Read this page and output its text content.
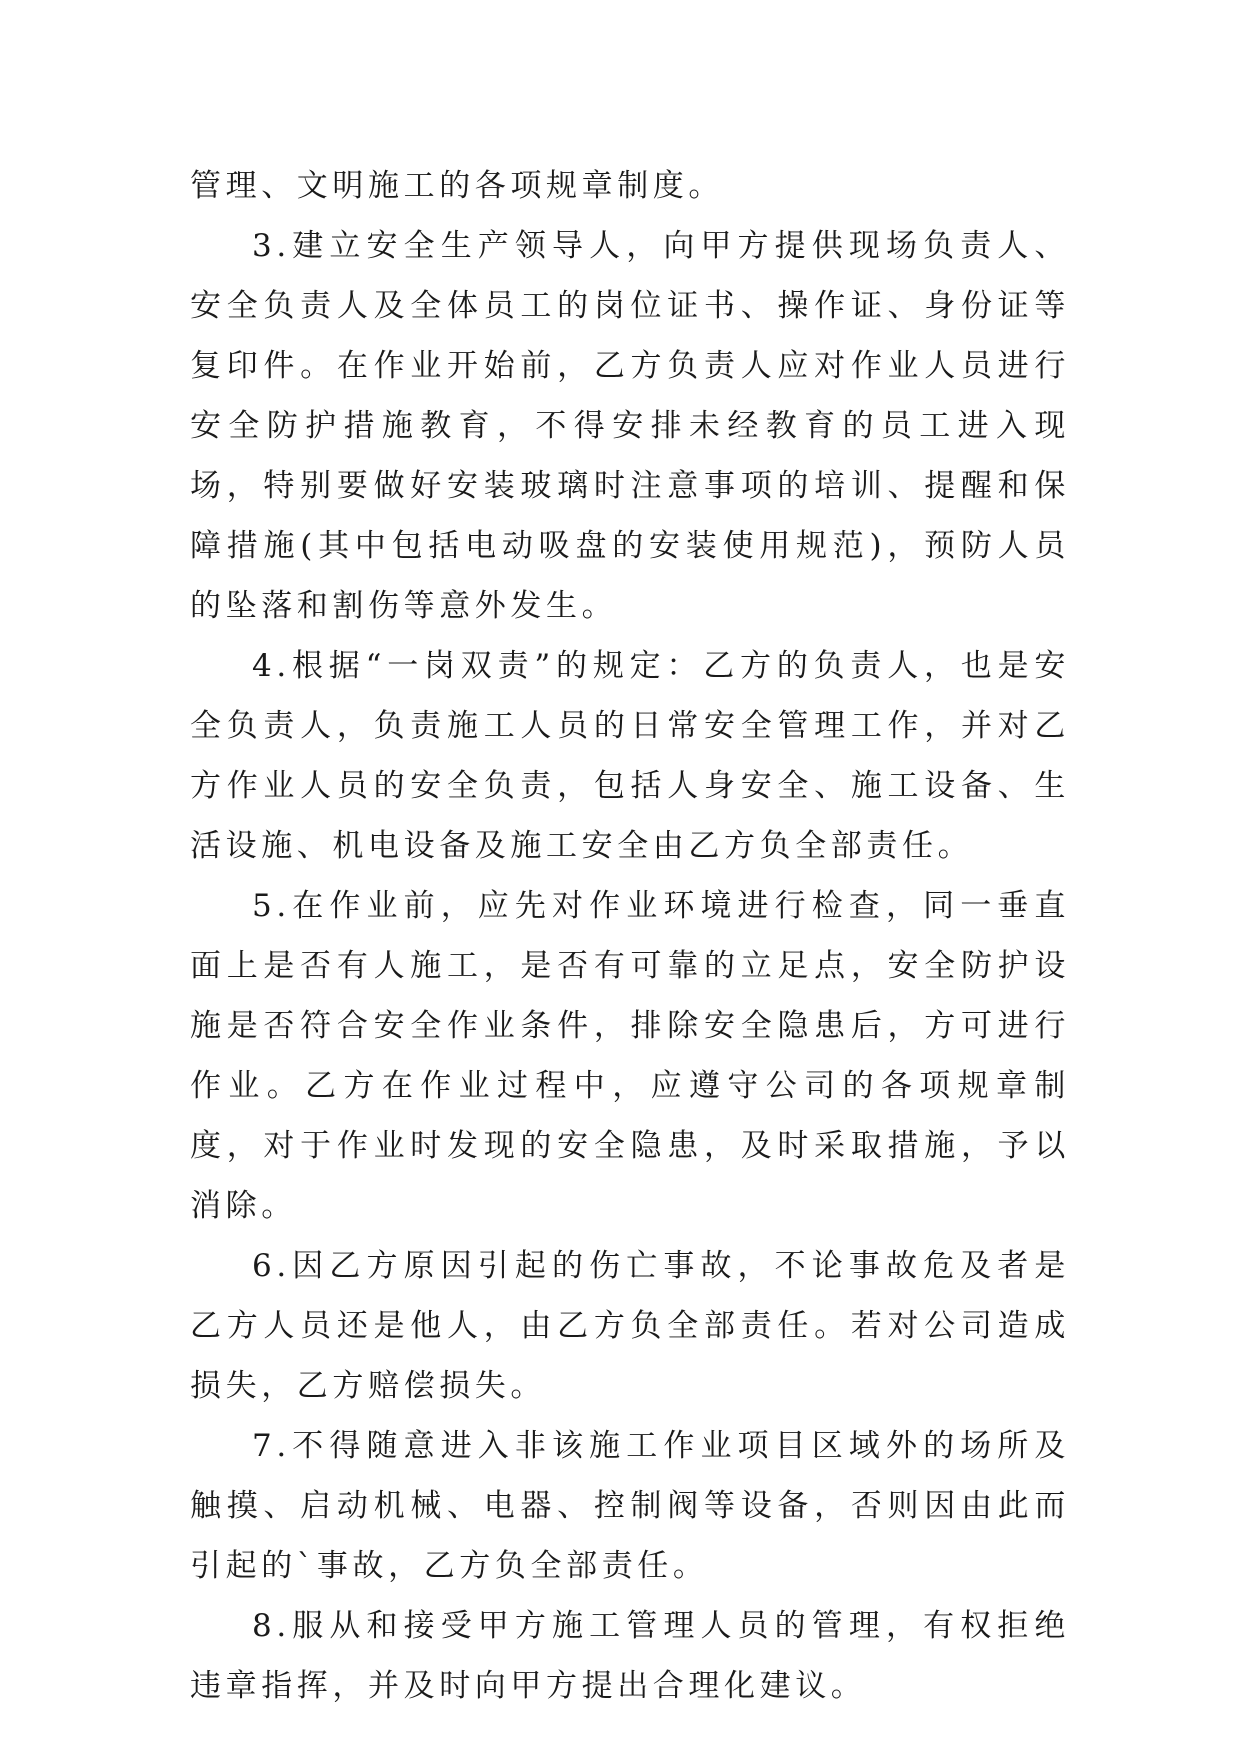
管理、文明施工的各项规章制度。

3.建立安全生产领导人，向甲方提供现场负责人、安全负责人及全体员工的岗位证书、操作证、身份证等复印件。在作业开始前，乙方负责人应对作业人员进行安全防护措施教育，不得安排未经教育的员工进入现场，特别要做好安装玻璃时注意事项的培训、提醒和保障措施(其中包括电动吸盘的安装使用规范)，预防人员的坠落和割伤等意外发生。

4.根据“一岗双责”的规定：乙方的负责人，也是安全负责人，负责施工人员的日常安全管理工作，并对乙方作业人员的安全负责，包括人身安全、施工设备、生活设施、机电设备及施工安全由乙方负全部责任。

5.在作业前，应先对作业环境进行检查，同一垂直面上是否有人施工，是否有可靠的立足点，安全防护设施是否符合安全作业条件，排除安全隐患后，方可进行作业。乙方在作业过程中，应遵守公司的各项规章制度，对于作业时发现的安全隐患，及时采取措施，予以消除。

6.因乙方原因引起的伤亡事故，不论事故危及者是乙方人员还是他人，由乙方负全部责任。若对公司造成损失，乙方赔偿损失。

7.不得随意进入非该施工作业项目区域外的场所及触摸、启动机械、电器、控制阀等设备，否则因由此而引起的`事故，乙方负全部责任。

8.服从和接受甲方施工管理人员的管理，有权拒绝违章指挥，并及时向甲方提出合理化建议。
